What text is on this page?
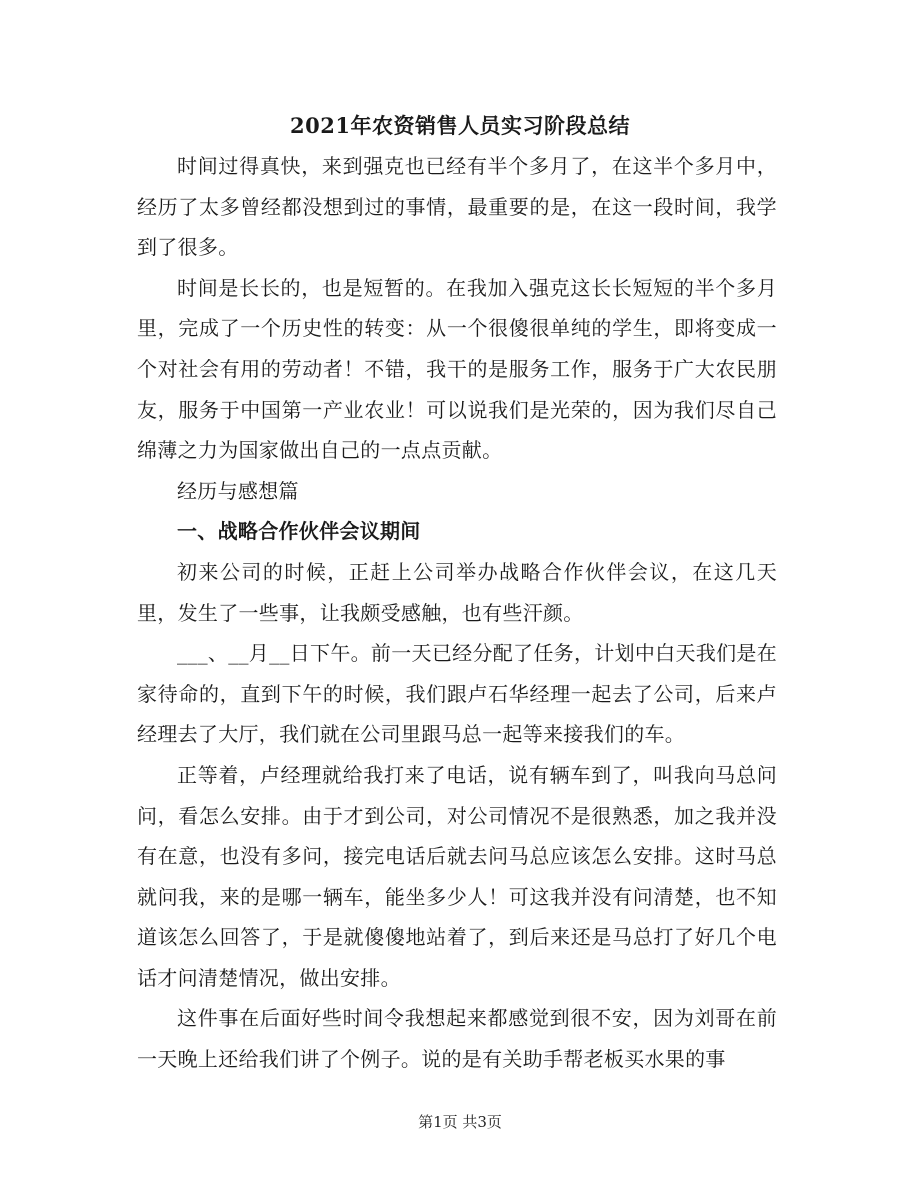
2021年农资销售人员实习阶段总结

时间过得真快，来到强克也已经有半个多月了，在这半个多月中，经历了太多曾经都没想到过的事情，最重要的是，在这一段时间，我学到了很多。

时间是长长的，也是短暂的。在我加入强克这长长短短的半个多月里，完成了一个历史性的转变：从一个很傻很单纯的学生，即将变成一个对社会有用的劳动者！不错，我干的是服务工作，服务于广大农民朋友，服务于中国第一产业农业！可以说我们是光荣的，因为我们尽自己绵薄之力为国家做出自己的一点点贡献。

经历与感想篇

一、战略合作伙伴会议期间

初来公司的时候，正赶上公司举办战略合作伙伴会议，在这几天里，发生了一些事，让我颇受感触，也有些汗颜。

___、__月__日下午。前一天已经分配了任务，计划中白天我们是在家待命的，直到下午的时候，我们跟卢石华经理一起去了公司，后来卢经理去了大厅，我们就在公司里跟马总一起等来接我们的车。

正等着，卢经理就给我打来了电话，说有辆车到了，叫我向马总问问，看怎么安排。由于才到公司，对公司情况不是很熟悉，加之我并没有在意，也没有多问，接完电话后就去问马总应该怎么安排。这时马总就问我，来的是哪一辆车，能坐多少人！可这我并没有问清楚，也不知道该怎么回答了，于是就傻傻地站着了，到后来还是马总打了好几个电话才问清楚情况，做出安排。

这件事在后面好些时间令我想起来都感觉到很不安，因为刘哥在前一天晚上还给我们讲了个例子。说的是有关助手帮老板买水果的事

第1页 共3页
